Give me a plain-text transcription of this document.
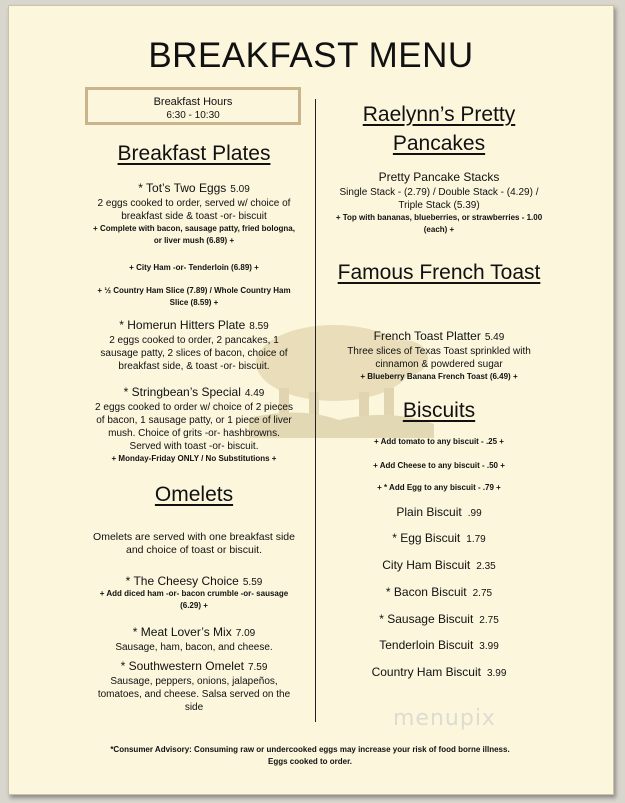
BREAKFAST MENU
Breakfast Hours
6:30 - 10:30
Breakfast Plates
* Tot’s Two Eggs 5.09
2 eggs cooked to order, served w/ choice of breakfast side & toast -or- biscuit
+ Complete with bacon, sausage patty, fried bologna, or liver mush (6.89) +
+ City Ham -or- Tenderloin (6.89) +
+ ½ Country Ham Slice (7.89) / Whole Country Ham Slice (8.59) +
* Homerun Hitters Plate 8.59
2 eggs cooked to order, 2 pancakes, 1 sausage patty, 2 slices of bacon, choice of breakfast side, & toast -or- biscuit.
* Stringbean’s Special 4.49
2 eggs cooked to order w/ choice of 2 pieces of bacon, 1 sausage patty, or 1 piece of liver mush. Choice of grits -or- hashbrowns. Served with toast -or- biscuit.
+ Monday-Friday ONLY / No Substitutions +
Omelets
Omelets are served with one breakfast side and choice of toast or biscuit.
* The Cheesy Choice 5.59
+ Add diced ham -or- bacon crumble -or- sausage (6.29) +
* Meat Lover’s Mix 7.09
Sausage, ham, bacon, and cheese.
* Southwestern Omelet 7.59
Sausage, peppers, onions, jalapeños, tomatoes, and cheese. Salsa served on the side
Raelynn’s Pretty Pancakes
Pretty Pancake Stacks
Single Stack - (2.79) / Double Stack - (4.29) / Triple Stack (5.39)
+ Top with bananas, blueberries, or strawberries - 1.00 (each) +
Famous French Toast
French Toast Platter 5.49
Three slices of Texas Toast sprinkled with cinnamon & powdered sugar
+ Blueberry Banana French Toast (6.49) +
Biscuits
+ Add tomato to any biscuit - .25 +
+ Add Cheese to any biscuit - .50 +
+ * Add Egg to any biscuit - .79 +
Plain Biscuit .99
* Egg Biscuit 1.79
City Ham Biscuit 2.35
* Bacon Biscuit 2.75
* Sausage Biscuit 2.75
Tenderloin Biscuit 3.99
Country Ham Biscuit 3.99
menupix
*Consumer Advisory: Consuming raw or undercooked eggs may increase your risk of food borne illness. Eggs cooked to order.
